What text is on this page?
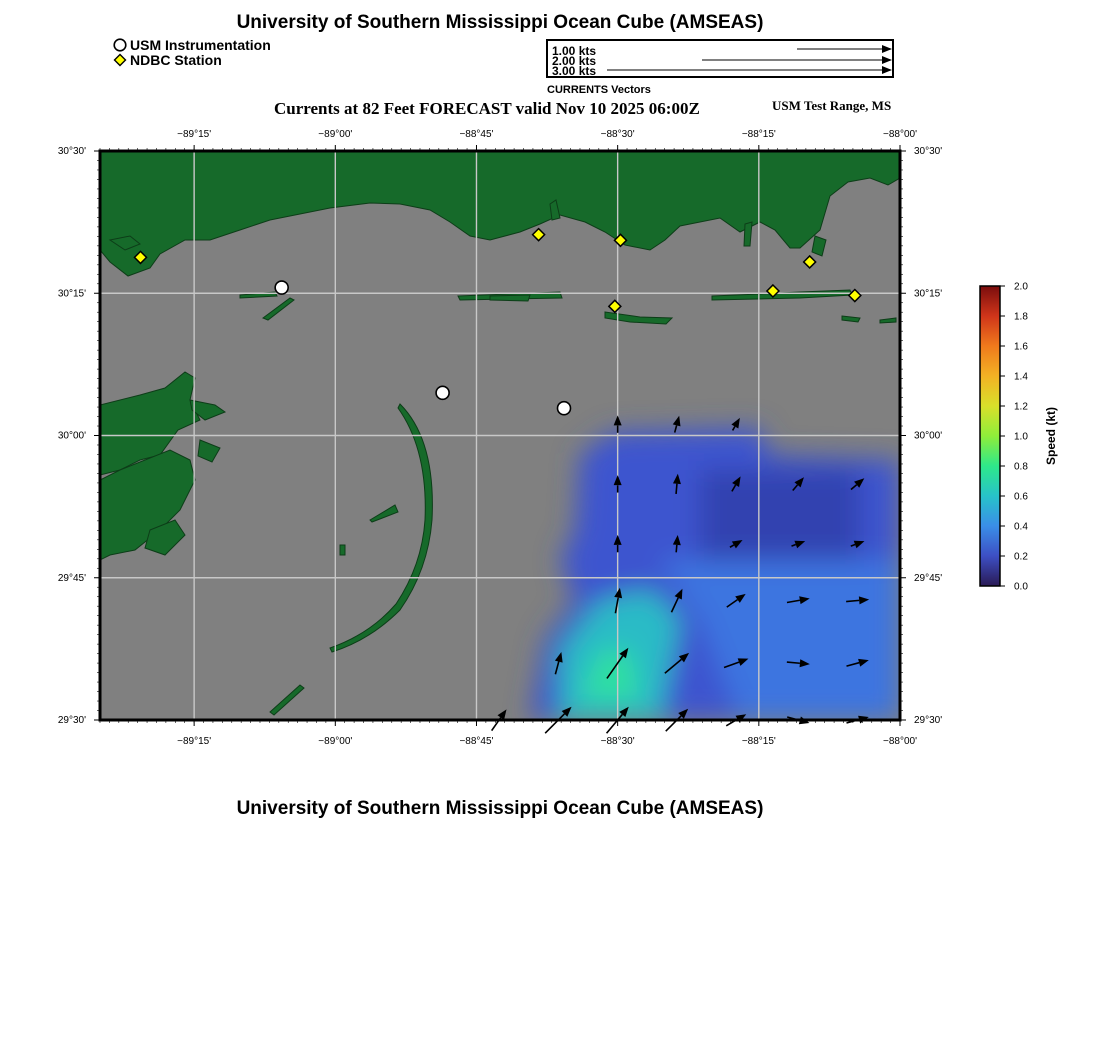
University of Southern Mississippi Ocean Cube (AMSEAS)
USM Instrumentation
NDBC Station
1.00 kts
2.00 kts
3.00 kts
CURRENTS Vectors
Currents at 82 Feet FORECAST valid Nov 10 2025 06:00Z	USM Test Range, MS
−89°15'
−89°15'
−89°00'
−89°00'
−88°45'
−88°45'
−88°30'
−88°30'
−88°15'
−88°15'
−88°00'
−88°00'
30°30'	30°30'
30°15'	30°15'
30°00'	30°00'
29°45'	29°45'
29°30'	29°30'
0.0
0.2
0.4
0.6
0.8
1.0
1.2
1.4
1.6
1.8
2.0
Speed (kt)
University of Southern Mississippi Ocean Cube (AMSEAS)
